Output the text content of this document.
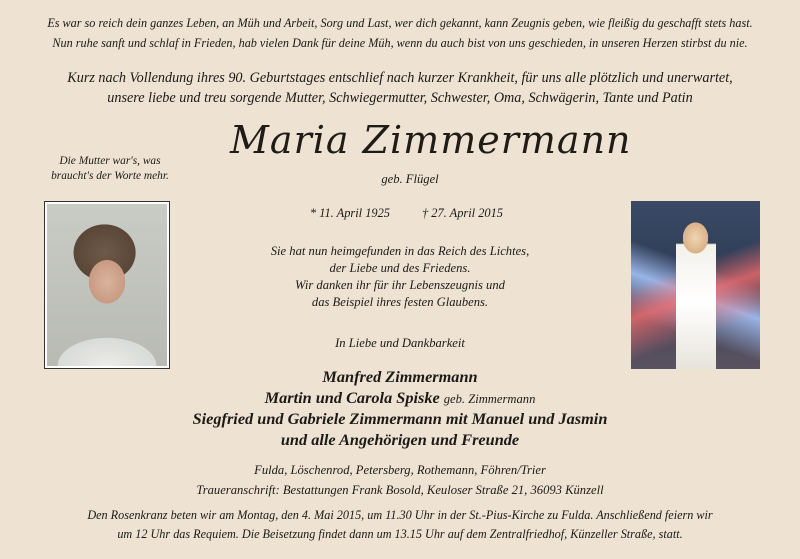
Es war so reich dein ganzes Leben, an Müh und Arbeit, Sorg und Last, wer dich gekannt, kann Zeugnis geben, wie fleißig du geschafft stets hast.
Nun ruhe sanft und schlaf in Frieden, hab vielen Dank für deine Müh, wenn du auch bist von uns geschieden, in unseren Herzen stirbst du nie.
Kurz nach Vollendung ihres 90. Geburtstages entschlief nach kurzer Krankheit, für uns alle plötzlich und unerwartet,
unsere liebe und treu sorgende Mutter, Schwiegermutter, Schwester, Oma, Schwägerin, Tante und Patin
Maria Zimmermann
geb. Flügel
Die Mutter war's, was
braucht's der Worte mehr.
* 11. April 1925	† 27. April 2015
Sie hat nun heimgefunden in das Reich des Lichtes,
der Liebe und des Friedens.
Wir danken ihr für ihr Lebenszeugnis und
das Beispiel ihres festen Glaubens.
In Liebe und Dankbarkeit
Manfred Zimmermann
Martin und Carola Spiske geb. Zimmermann
Siegfried und Gabriele Zimmermann mit Manuel und Jasmin
und alle Angehörigen und Freunde
Fulda, Löschenrod, Petersberg, Rothemann, Föhren/Trier
Traueranschrift: Bestattungen Frank Bosold, Keuloser Straße 21, 36093 Künzell
Den Rosenkranz beten wir am Montag, den 4. Mai 2015, um 11.30 Uhr in der St.-Pius-Kirche zu Fulda. Anschließend feiern wir
um 12 Uhr das Requiem. Die Beisetzung findet dann um 13.15 Uhr auf dem Zentralfriedhof, Künzeller Straße, statt.
